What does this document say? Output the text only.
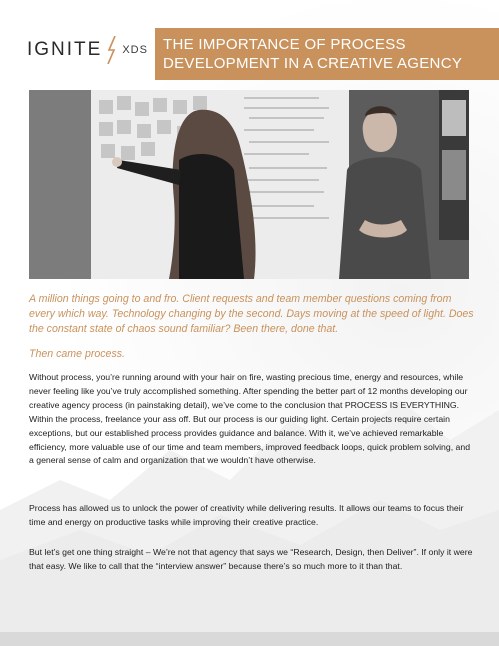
IGNITE XDS THE IMPORTANCE OF PROCESS
DEVELOPMENT IN A CREATIVE AGENCY
A million things going to and fro. Client requests and team member questions coming from every which way. Technology changing by the second. Days moving at the speed of light. Does the constant state of chaos sound familiar? Been there, done that.
Then came process.
Without process, you’re running around with your hair on fire, wasting precious time, energy and resources, while never feeling like you’ve truly accomplished something. After spending the better part of 12 months developing our creative agency process (in painstaking detail), we’ve come to the conclusion that PROCESS IS EVERYTHING. Within the process, freelance your ass off. But our process is our guiding light. Certain projects require certain exceptions, but our established process provides guidance and balance. With it, we’ve achieved remarkable efficiency, more valuable use of our time and team members, improved feedback loops, quick problem solving, and a general sense of calm and organization that we wouldn’t have otherwise.
Process has allowed us to unlock the power of creativity while delivering results. It allows our teams to focus their time and energy on productive tasks while improving their creative practice.
But let’s get one thing straight – We’re not that agency that says we “Research, Design, then Deliver”. If only it were that easy. We like to call that the “interview answer” because there’s so much more to it than that.
